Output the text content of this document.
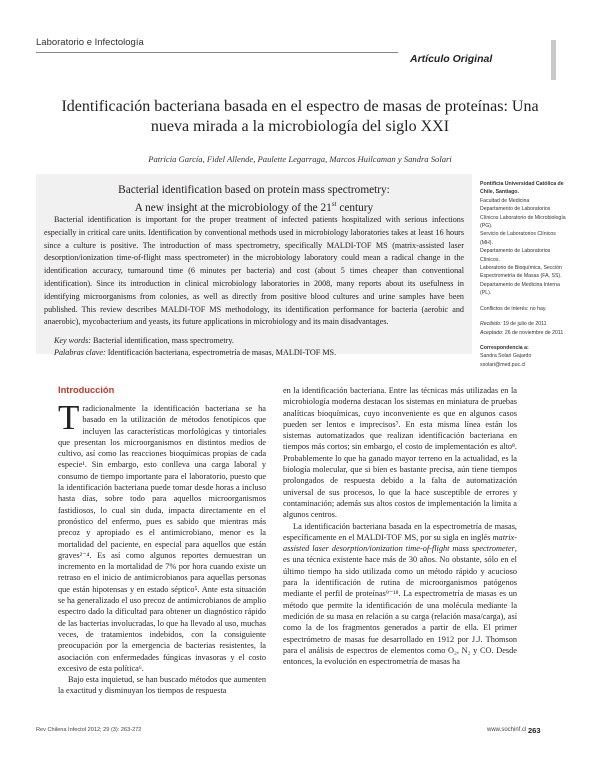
Laboratorio e Infectología
Artículo Original
Identificación bacteriana basada en el espectro de masas de proteínas: Una nueva mirada a la microbiología del siglo XXI
Patricia García, Fidel Allende, Paulette Legarraga, Marcos Huilcaman y Sandra Solari
Bacterial identification based on protein mass spectrometry:
A new insight at the microbiology of the 21st century

Bacterial identification is important for the proper treatment of infected patients hospitalized with serious infections especially in critical care units. Identification by conventional methods used in microbiology laboratories takes at least 16 hours since a culture is positive. The introduction of mass spectrometry, specifically MALDI-TOF MS (matrix-assisted laser desorption/ionization time-of-flight mass spectrometer) in the microbiology laboratory could mean a radical change in the identification accuracy, turnaround time (6 minutes per bacteria) and cost (about 5 times cheaper than conventional identification). Since its introduction in clinical microbiology laboratories in 2008, many reports about its usefulness in identifying microorganisms from colonies, as well as directly from positive blood cultures and urine samples have been published. This review describes MALDI-TOF MS methodology, its identification performance for bacteria (aerobic and anaerobic), mycobacterium and yeasts, its future applications in microbiology and its main disadvantages.

Key words: Bacterial identification, mass spectrometry.

Palabras clave: Identificación bacteriana, espectrometría de masas, MALDI-TOF MS.

Pontificia Universidad Católica de Chile, Santiago.

Facultad de Medicina

Departamento de Laboratorios Clínicos Laboratorio de Microbiología (PG).

Servicio de Laboratorios Clínicos (MH).

Departamento de Laboratorios Clínicos.

Laboratorio de Bioquímica, Sección Espectrometría de Masas (FA, SS).

Departamento de Medicina Interna (PL).

Conflictos de interés: no hay.

Recibido: 19 de julio de 2011

Aceptado: 26 de noviembre de 2011

Correspondencia a:

Sandra Solari Gajardo

ssolari@med.puc.cl

Introducción

Tradicionalmente la identificación bacteriana se ha basado en la utilización de métodos fenotípicos que incluyen las características morfológicas y tintoriales que presentan los microorganismos en distintos medios de cultivo, así como las reacciones bioquímicas propias de cada especie¹. Sin embargo, esto conlleva una carga laboral y consumo de tiempo importante para el laboratorio, puesto que la identificación bacteriana puede tomar desde horas a incluso hasta días, sobre todo para aquellos microorganismos fastidiosos, lo cual sin duda, impacta directamente en el pronóstico del enfermo, pues es sabido que mientras más precoz y apropiado es el antimicrobiano, menor es la mortalidad del paciente, en especial para aquellos que están graves²⁻⁴. Es así como algunos reportes demuestran un incremento en la mortalidad de 7% por hora cuando existe un retraso en el inicio de antimicrobianos para aquellas personas que están hipotensas y en estado séptico⁵. Ante esta situación se ha generalizado el uso precoz de antimicrobianos de amplio espectro dado la dificultad para obtener un diagnóstico rápido de las bacterias involucradas, lo que ha llevado al uso, muchas veces, de tratamientos indebidos, con la consiguiente preocupación por la emergencia de bacterias resistentes, la asociación con enfermedades fúngicas invasoras y el costo excesivo de esta política⁶.

Bajo esta inquietud, se han buscado métodos que aumenten la exactitud y disminuyan los tiempos de respuesta

en la identificación bacteriana. Entre las técnicas más utilizadas en la microbiología moderna destacan los sistemas en miniatura de pruebas analíticas bioquímicas, cuyo inconveniente es que en algunos casos pueden ser lentos e imprecisos⁷. En esta misma línea están los sistemas automatizados que realizan identificación bacteriana en tiempos más cortos; sin embargo, el costo de implementación es alto⁸. Probablemente lo que ha ganado mayor terreno en la actualidad, es la biología molecular, que si bien es bastante precisa, aún tiene tiempos prolongados de respuesta debido a la falta de automatización universal de sus procesos, lo que la hace susceptible de errores y contaminación; además sus altos costos de implementación la limita a algunos centros.

La identificación bacteriana basada en la espectrometría de masas, específicamente en el MALDI-TOF MS, por su sigla en inglés matrix-assisted laser desorption/ionization time-of-flight mass spectrometer, es una técnica existente hace más de 30 años. No obstante, sólo en el último tiempo ha sido utilizada como un método rápido y acucioso para la identificación de rutina de microorganismos patógenos mediante el perfil de proteínas⁹⁻¹⁸. La espectrometría de masas es un método que permite la identificación de una molécula mediante la medición de su masa en relación a su carga (relación masa/carga), así como la de los fragmentos generados a partir de ella. El primer espectrómetro de masas fue desarrollado en 1912 por J.J. Thomson para el análisis de espectros de elementos como O₂, N₂ y CO. Desde entonces, la evolución en espectrometría de masas ha

Rev Chilena Infectol 2012; 29 (3): 263-272	www.sochinf.cl 263
